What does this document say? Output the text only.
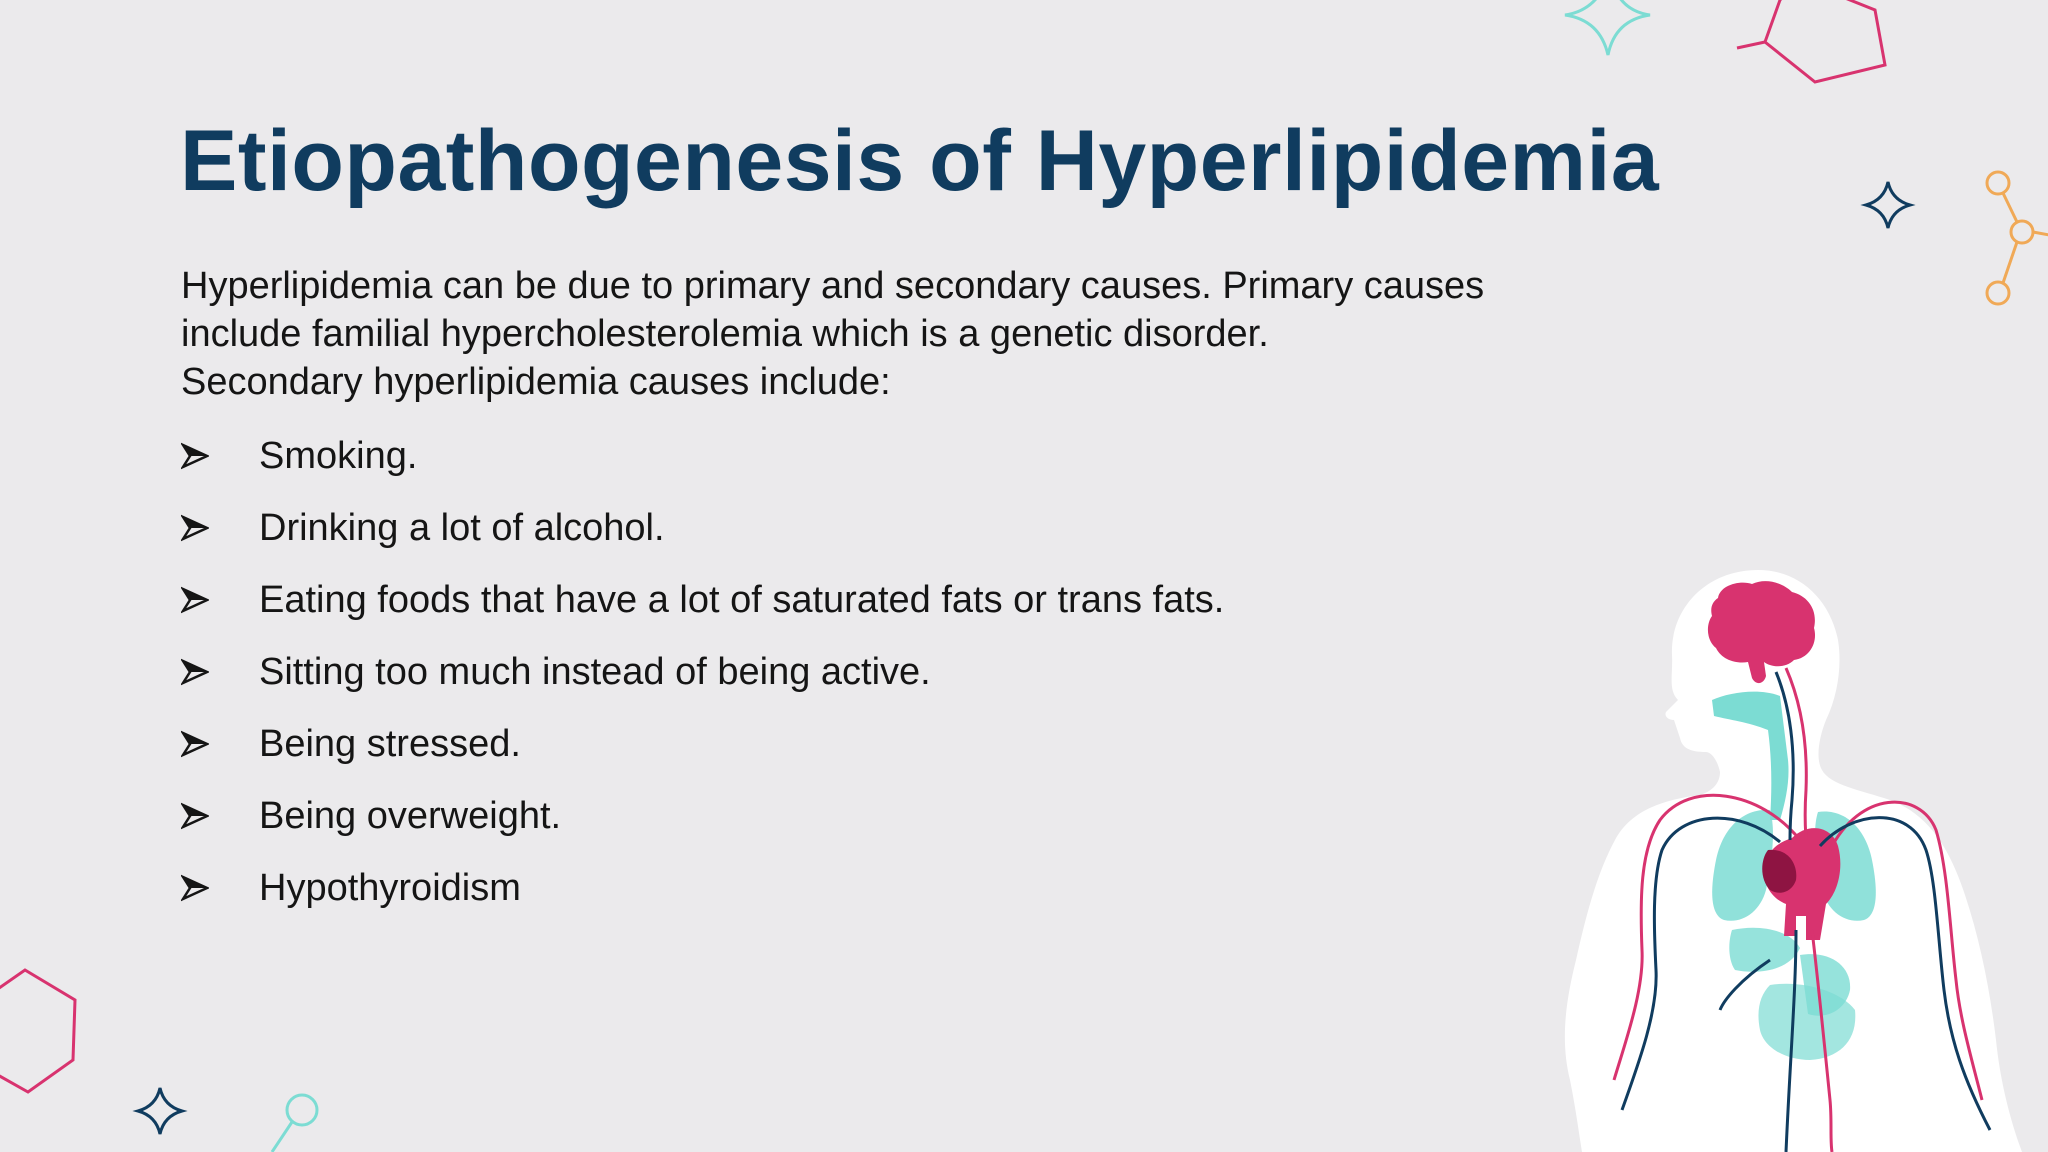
Etiopathogenesis of Hyperlipidemia

Hyperlipidemia can be due to primary and secondary causes. Primary causes
include familial hypercholesterolemia which is a genetic disorder.
Secondary hyperlipidemia causes include:

Smoking.
Drinking a lot of alcohol.
Eating foods that have a lot of saturated fats or trans fats.
Sitting too much instead of being active.
Being stressed.
Being overweight.
Hypothyroidism
